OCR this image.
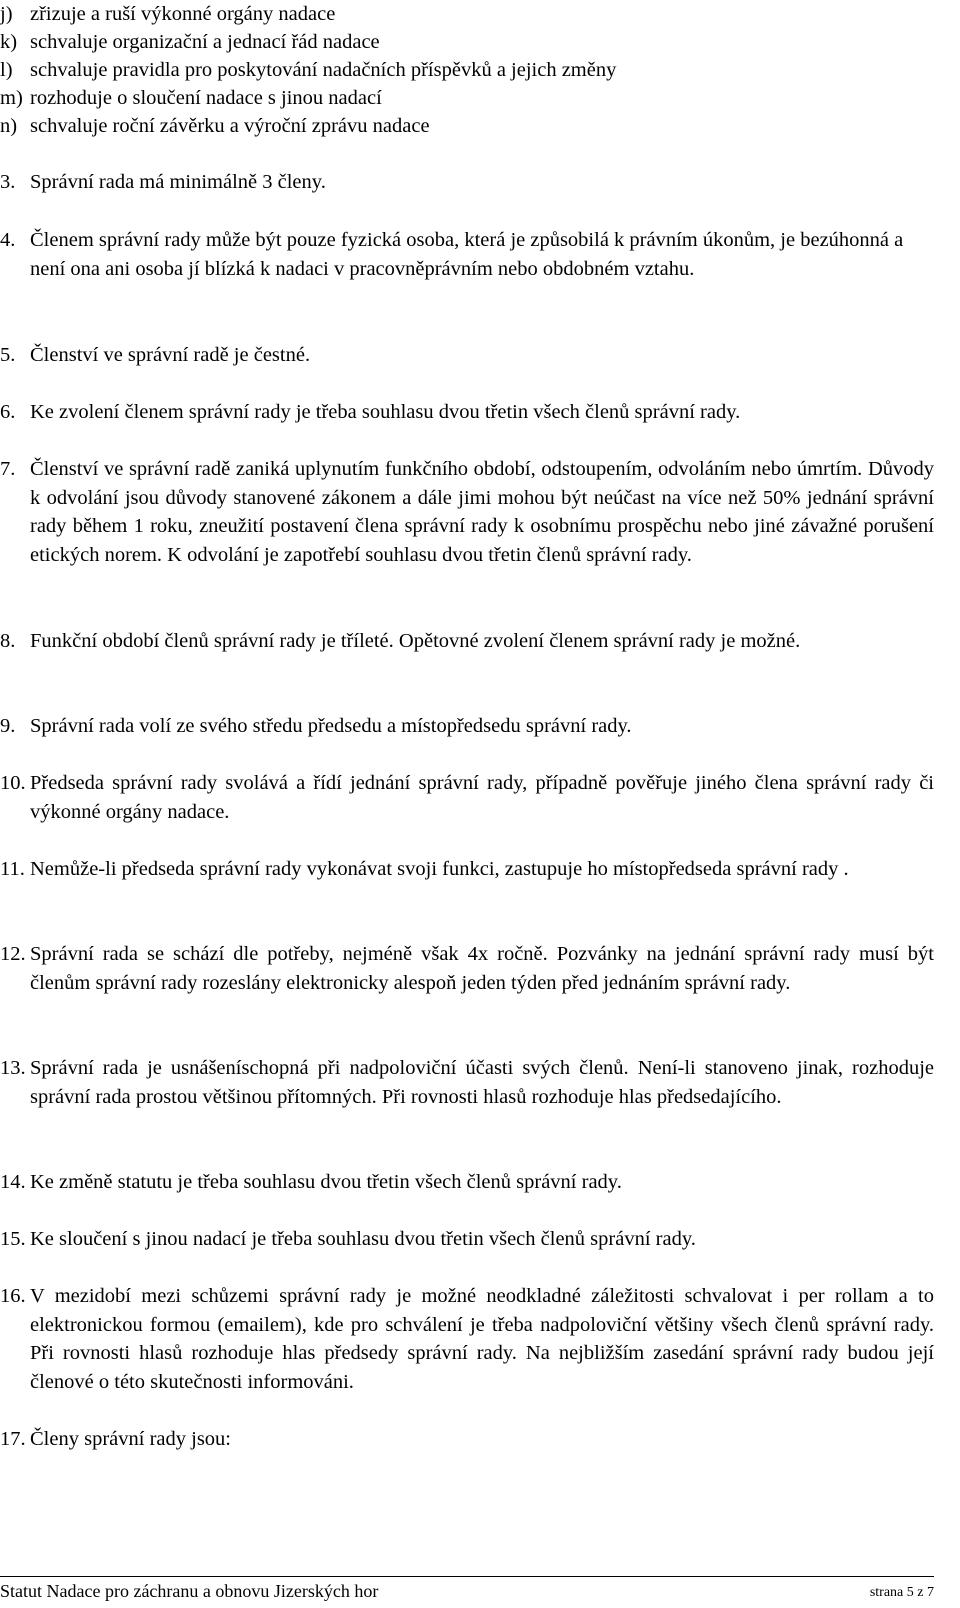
j) zřizuje a ruší výkonné orgány nadace
k) schvaluje organizační a jednací řád nadace
l) schvaluje pravidla pro poskytování nadačních příspěvků a jejich změny
m) rozhoduje o sloučení nadace s jinou nadací
n) schvaluje roční závěrku a výroční zprávu nadace
3. Správní rada má minimálně 3 členy.
4. Členem správní rady může být pouze fyzická osoba, která je způsobilá k právním úkonům, je bezúhonná a není ona ani osoba jí blízká k nadaci v pracovněprávním nebo obdobném vztahu.
5. Členství ve správní radě je čestné.
6. Ke zvolení členem správní rady je třeba souhlasu dvou třetin všech členů správní rady.
7. Členství ve správní radě zaniká uplynutím funkčního období, odstoupením, odvoláním nebo úmrtím. Důvody k odvolání jsou důvody stanovené zákonem a dále jimi mohou být neúčast na více než 50% jednání správní rady během 1 roku, zneužití postavení člena správní rady k osobnímu prospěchu nebo jiné závažné porušení etických norem. K odvolání je zapotřebí souhlasu dvou třetin členů správní rady.
8. Funkční období členů správní rady je tříleté. Opětovné zvolení členem správní rady je možné.
9. Správní rada volí ze svého středu předsedu a místopředsedu správní rady.
10. Předseda správní rady svolává a řídí jednání správní rady, případně pověřuje jiného člena správní rady či výkonné orgány nadace.
11. Nemůže-li předseda správní rady vykonávat svoji funkci, zastupuje ho místopředseda správní rady .
12. Správní rada se schází dle potřeby, nejméně však 4x ročně. Pozvánky na jednání správní rady musí být členům správní rady rozeslány elektronicky alespoň jeden týden před jednáním správní rady.
13. Správní rada je usnášeníschopná při nadpoloviční účasti svých členů. Není-li stanoveno jinak, rozhoduje správní rada prostou většinou přítomných. Při rovnosti hlasů rozhoduje hlas předsedajícího.
14. Ke změně statutu je třeba souhlasu dvou třetin všech členů správní rady.
15. Ke sloučení s jinou nadací je třeba souhlasu dvou třetin všech členů správní rady.
16. V mezidobí mezi schůzemi správní rady je možné neodkladné záležitosti schvalovat i per rollam a to elektronickou formou (emailem), kde pro schválení je třeba nadpoloviční většiny všech členů správní rady. Při rovnosti hlasů rozhoduje hlas předsedy správní rady. Na nejbližším zasedání správní rady budou její členové o této skutečnosti informováni.
17. Členy správní rady jsou:
Statut Nadace pro záchranu a obnovu Jizerských hor	strana 5 z 7
